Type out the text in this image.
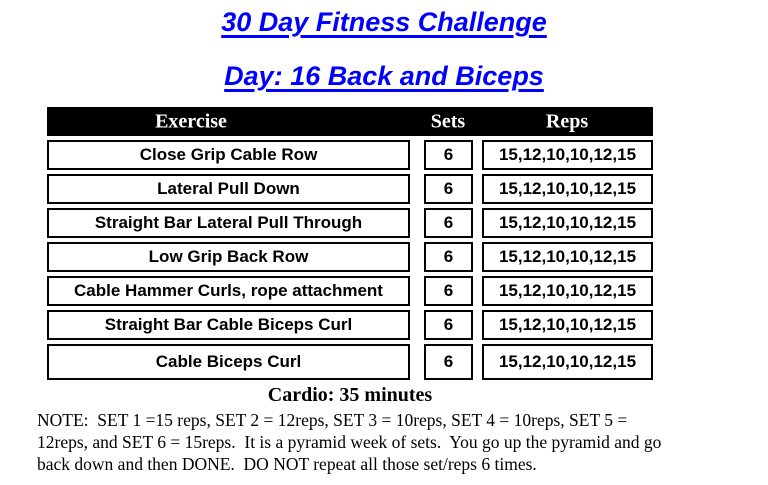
30 Day Fitness Challenge
Day: 16 Back and Biceps
Exercise	Sets	Reps
Close Grip Cable Row	6	15,12,10,10,12,15
Lateral Pull Down	6	15,12,10,10,12,15
Straight Bar Lateral Pull Through	6	15,12,10,10,12,15
Low Grip Back Row	6	15,12,10,10,12,15
Cable Hammer Curls, rope attachment	6	15,12,10,10,12,15
Straight Bar Cable Biceps Curl	6	15,12,10,10,12,15
Cable Biceps Curl	6	15,12,10,10,12,15
Cardio: 35 minutes
NOTE:  SET 1 =15 reps, SET 2 = 12reps, SET 3 = 10reps, SET 4 = 10reps, SET 5 =
12reps, and SET 6 = 15reps.  It is a pyramid week of sets.  You go up the pyramid and go
back down and then DONE.  DO NOT repeat all those set/reps 6 times.
